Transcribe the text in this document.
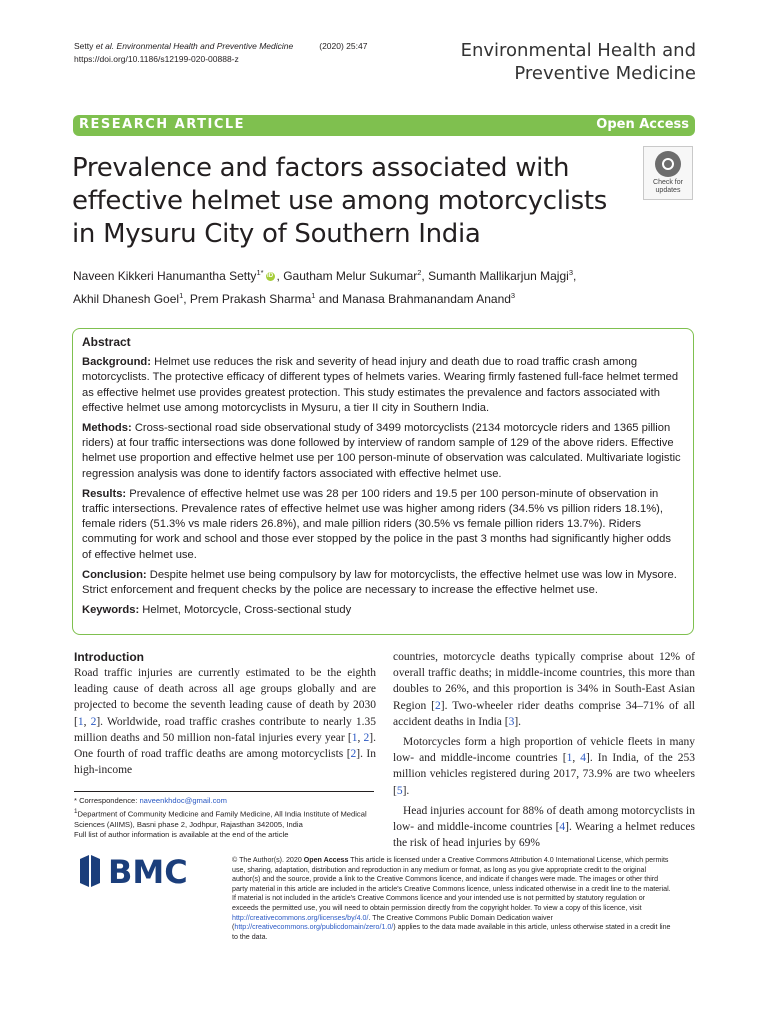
Setty et al. Environmental Health and Preventive Medicine	(2020) 25:47
https://doi.org/10.1186/s12199-020-00888-z	Environmental Health and
Preventive Medicine
RESEARCH ARTICLE	Open Access
Prevalence and factors associated with effective helmet use among motorcyclists in Mysuru City of Southern India
Check for
updates
Naveen Kikkeri Hanumantha Setty$^{1*}$ iD , Gautham Melur Sukumar$^2$, Sumanth Mallikarjun Majgi$^3$,
Akhil Dhanesh Goel$^1$, Prem Prakash Sharma$^1$ and Manasa Brahmanandam Anand$^3$
Abstract

Background: Helmet use reduces the risk and severity of head injury and death due to road traffic crash among motorcyclists. The protective efficacy of different types of helmets varies. Wearing firmly fastened full-face helmet termed as effective helmet use provides greatest protection. This study estimates the prevalence and factors associated with effective helmet use among motorcyclists in Mysuru, a tier II city in Southern India.

Methods: Cross-sectional road side observational study of 3499 motorcyclists (2134 motorcycle riders and 1365 pillion riders) at four traffic intersections was done followed by interview of random sample of 129 of the above riders. Effective helmet use proportion and effective helmet use per 100 person-minute of observation was calculated. Multivariate logistic regression analysis was done to identify factors associated with effective helmet use.

Results: Prevalence of effective helmet use was 28 per 100 riders and 19.5 per 100 person-minute of observation in traffic intersections. Prevalence rates of effective helmet use was higher among riders (34.5% vs pillion riders 18.1%), female riders (51.3% vs male riders 26.8%), and male pillion riders (30.5% vs female pillion riders 13.7%). Riders commuting for work and school and those ever stopped by the police in the past 3 months had significantly higher odds of effective helmet use.

Conclusion: Despite helmet use being compulsory by law for motorcyclists, the effective helmet use was low in Mysore. Strict enforcement and frequent checks by the police are necessary to increase the effective helmet use.

Keywords: Helmet, Motorcycle, Cross-sectional study

Introduction

Road traffic injuries are currently estimated to be the eighth leading cause of death across all age groups globally and are projected to become the seventh leading cause of death by 2030 [1, 2]. Worldwide, road traffic crashes contribute to nearly 1.35 million deaths and 50 million non-fatal injuries every year [1, 2]. One fourth of road traffic deaths are among motorcyclists [2]. In high-income

* Correspondence: naveenkhdoc@gmail.com
$^1$Department of Community Medicine and Family Medicine, All India Institute of Medical Sciences (AIIMS), Basni phase 2, Jodhpur, Rajasthan 342005, India
Full list of author information is available at the end of the article

countries, motorcycle deaths typically comprise about 12% of overall traffic deaths; in middle-income countries, this more than doubles to 26%, and this proportion is 34% in South-East Asian Region [2]. Two-wheeler rider deaths comprise 34–71% of all accident deaths in India [3].

Motorcycles form a high proportion of vehicle fleets in many low- and middle-income countries [1, 4]. In India, of the 253 million vehicles registered during 2017, 73.9% are two wheelers [5].

Head injuries account for 88% of death among motorcyclists in low- and middle-income countries [4]. Wearing a helmet reduces the risk of head injuries by 69%

BMC	© The Author(s). 2020 Open Access This article is licensed under a Creative Commons Attribution 4.0 International License, which permits use, sharing, adaptation, distribution and reproduction in any medium or format, as long as you give appropriate credit to the original author(s) and the source, provide a link to the Creative Commons licence, and indicate if changes were made. The images or other third party material in this article are included in the article's Creative Commons licence, unless indicated otherwise in a credit line to the material. If material is not included in the article's Creative Commons licence and your intended use is not permitted by statutory regulation or exceeds the permitted use, you will need to obtain permission directly from the copyright holder. To view a copy of this licence, visit http://creativecommons.org/licenses/by/4.0/. The Creative Commons Public Domain Dedication waiver (http://creativecommons.org/publicdomain/zero/1.0/) applies to the data made available in this article, unless otherwise stated in a credit line to the data.
